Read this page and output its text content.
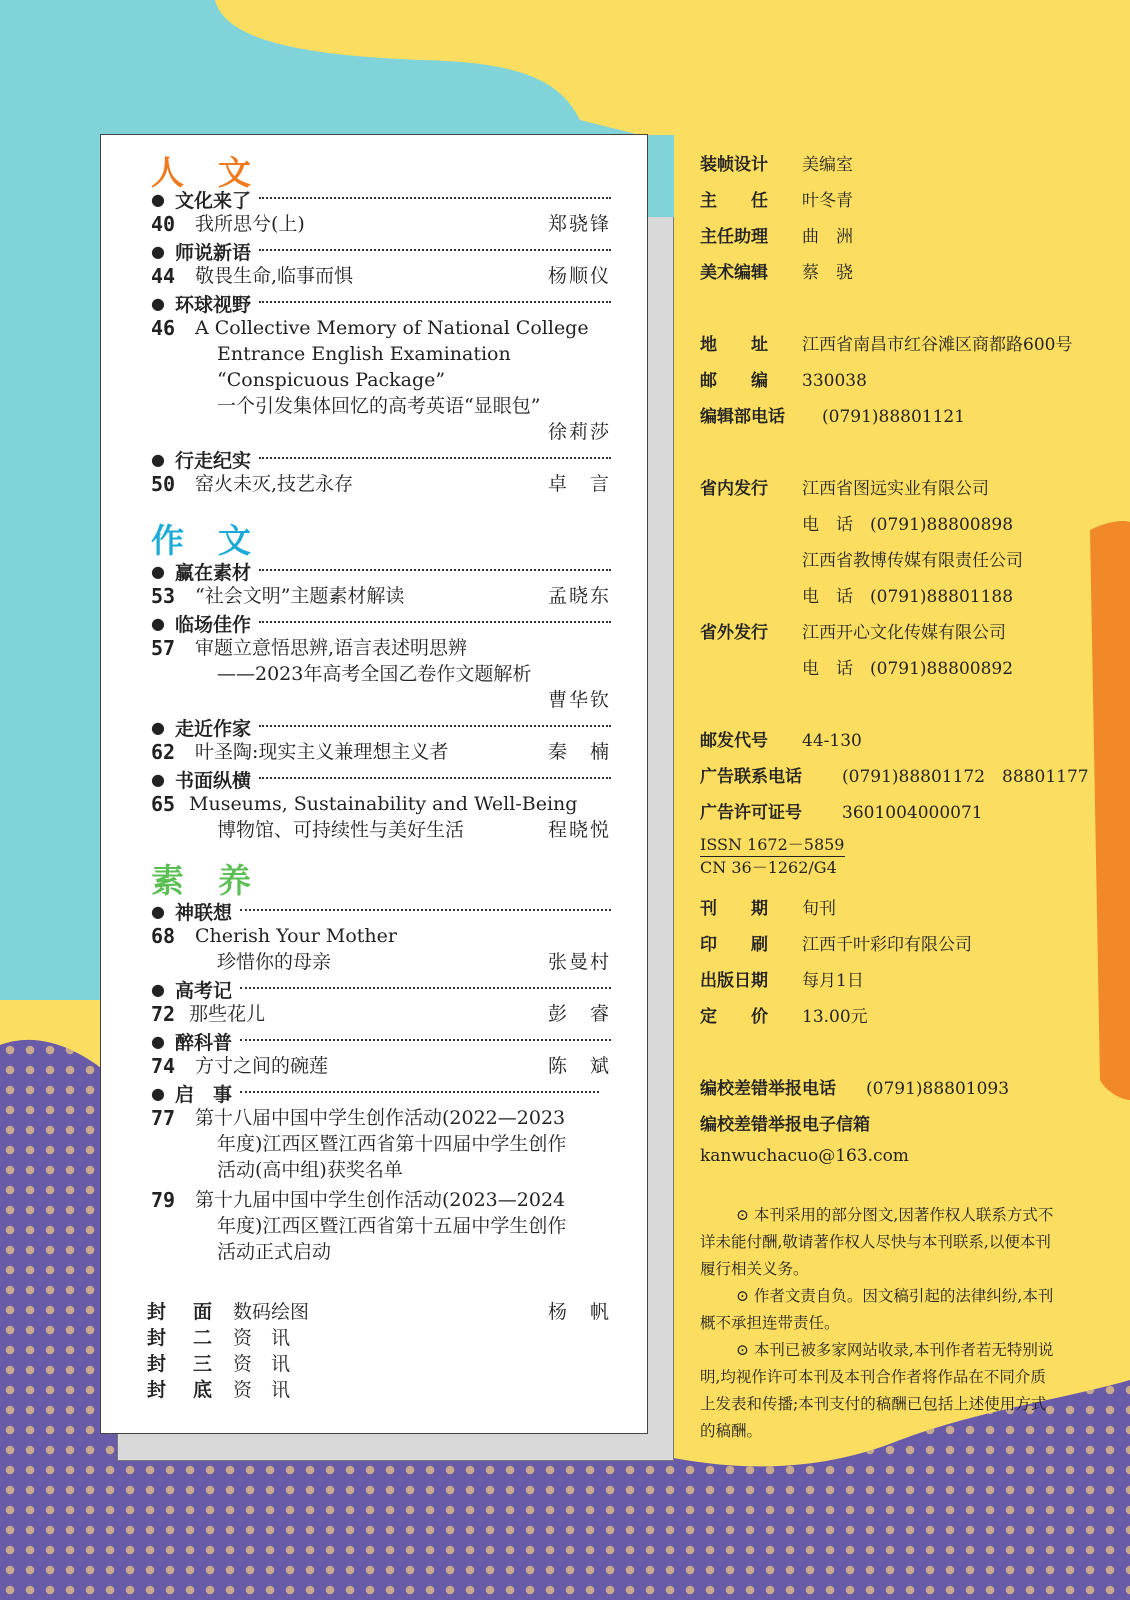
人文
● 文化来了
40	我所思兮(上)	郑骁锋
● 师说新语
44	敬畏生命,临事而惧	杨顺仪
● 环球视野
46	A Collective Memory of National College
Entrance English Examination
“Conspicuous Package”
一个引发集体回忆的高考英语“显眼包”
徐莉莎
● 行走纪实
50	窑火未灭,技艺永存	卓　言
作文
● 赢在素材
53	“社会文明”主题素材解读	孟晓东
● 临场佳作
57	审题立意悟思辨,语言表述明思辨
——2023年高考全国乙卷作文题解析
曹华钦
● 走近作家
62	叶圣陶:现实主义兼理想主义者	秦　楠
● 书面纵横
65 Museums, Sustainability and Well-Being
博物馆、可持续性与美好生活	程晓悦
素养
● 神联想
68	Cherish Your Mother
珍惜你的母亲	张曼村
● 高考记
72 那些花儿	彭　睿
● 醉科普
74	方寸之间的碗莲	陈　斌
● 启　事
77	第十八届中国中学生创作活动(2022—2023
年度)江西区暨江西省第十四届中学生创作
活动(高中组)获奖名单
79	第十九届中国中学生创作活动(2023—2024
年度)江西区暨江西省第十五届中学生创作
活动正式启动
封　面 数码绘图	杨　帆
封　二 资　讯
封　三 资　讯
封　底 资　讯
装帧设计 美编室
主　　任 叶冬青
主任助理 曲　洲
美术编辑 蔡　骁
地　　址 江西省南昌市红谷滩区商都路600号
邮　　编 330038
编辑部电话 (0791)88801121
省内发行 江西省图远实业有限公司
电　话　(0791)88800898
江西省教博传媒有限责任公司
电　话　(0791)88801188
省外发行 江西开心文化传媒有限公司
电　话　(0791)88800892
邮发代号 44-130
广告联系电话 (0791)88801172　88801177
广告许可证号 3601004000071
ISSN 1672－5859
CN 36－1262/G4
刊　　期 旬刊
印　　刷 江西千叶彩印有限公司
出版日期 每月1日
定　　价 13.00元
编校差错举报电话 (0791)88801093
编校差错举报电子信箱
kanwuchacuo@163.com
⊙ 本刊采用的部分图文,因著作权人联系方式不详未能付酬,敬请著作权人尽快与本刊联系,以便本刊履行相关义务。
⊙ 作者文责自负。因文稿引起的法律纠纷,本刊概不承担连带责任。
⊙ 本刊已被多家网站收录,本刊作者若无特别说明,均视作许可本刊及本刊合作者将作品在不同介质上发表和传播;本刊支付的稿酬已包括上述使用方式的稿酬。
